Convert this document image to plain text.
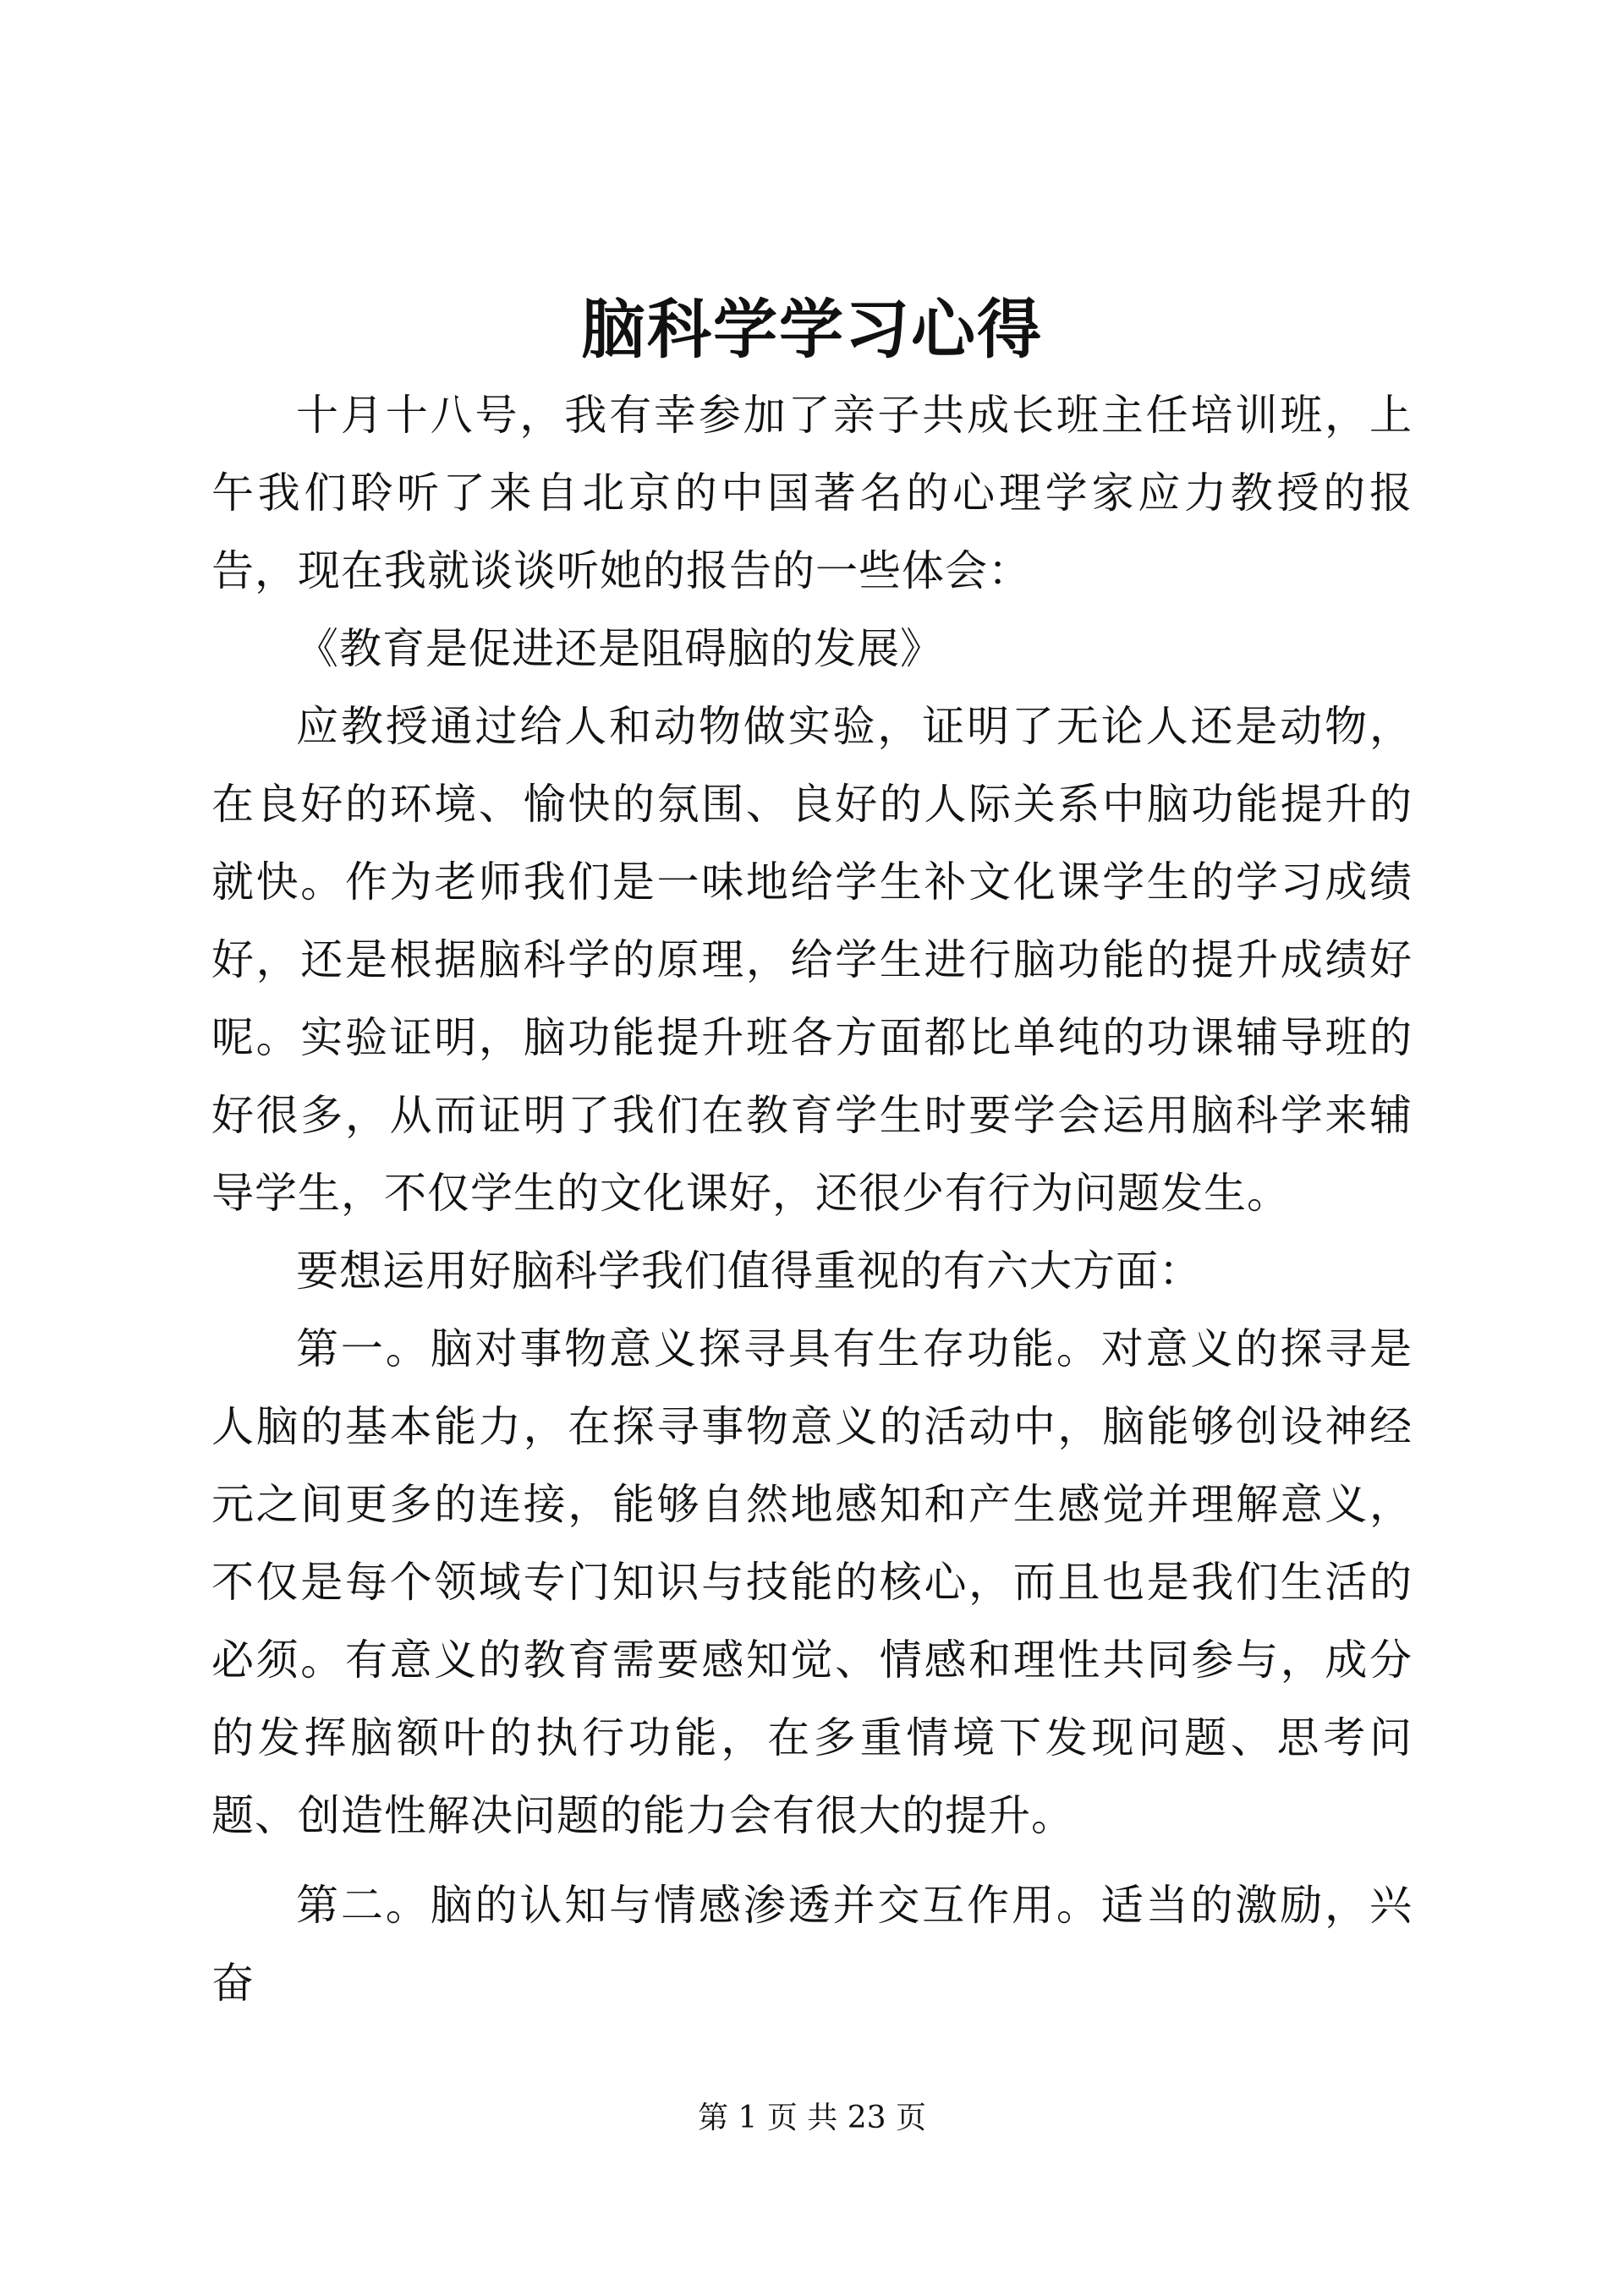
脑科学学习心得

十月十八号，我有幸参加了亲子共成长班主任培训班，上午我们聆听了来自北京的中国著名的心理学家应力教授的报告，现在我就谈谈听她的报告的一些体会：

《教育是促进还是阻碍脑的发展》

应教授通过给人和动物做实验，证明了无论人还是动物，在良好的环境、愉快的氛围、良好的人际关系中脑功能提升的就快。作为老师我们是一味地给学生补文化课学生的学习成绩好，还是根据脑科学的原理，给学生进行脑功能的提升成绩好呢。实验证明，脑功能提升班各方面都比单纯的功课辅导班的好很多，从而证明了我们在教育学生时要学会运用脑科学来辅导学生，不仅学生的文化课好，还很少有行为问题发生。

要想运用好脑科学我们值得重视的有六大方面：

第一。脑对事物意义探寻具有生存功能。对意义的探寻是人脑的基本能力，在探寻事物意义的活动中，脑能够创设神经元之间更多的连接，能够自然地感知和产生感觉并理解意义，不仅是每个领域专门知识与技能的核心，而且也是我们生活的必须。有意义的教育需要感知觉、情感和理性共同参与，成分的发挥脑额叶的执行功能，在多重情境下发现问题、思考问题、创造性解决问题的能力会有很大的提升。

第二。脑的认知与情感渗透并交互作用。适当的激励，兴奋

第 1 页 共 23 页
